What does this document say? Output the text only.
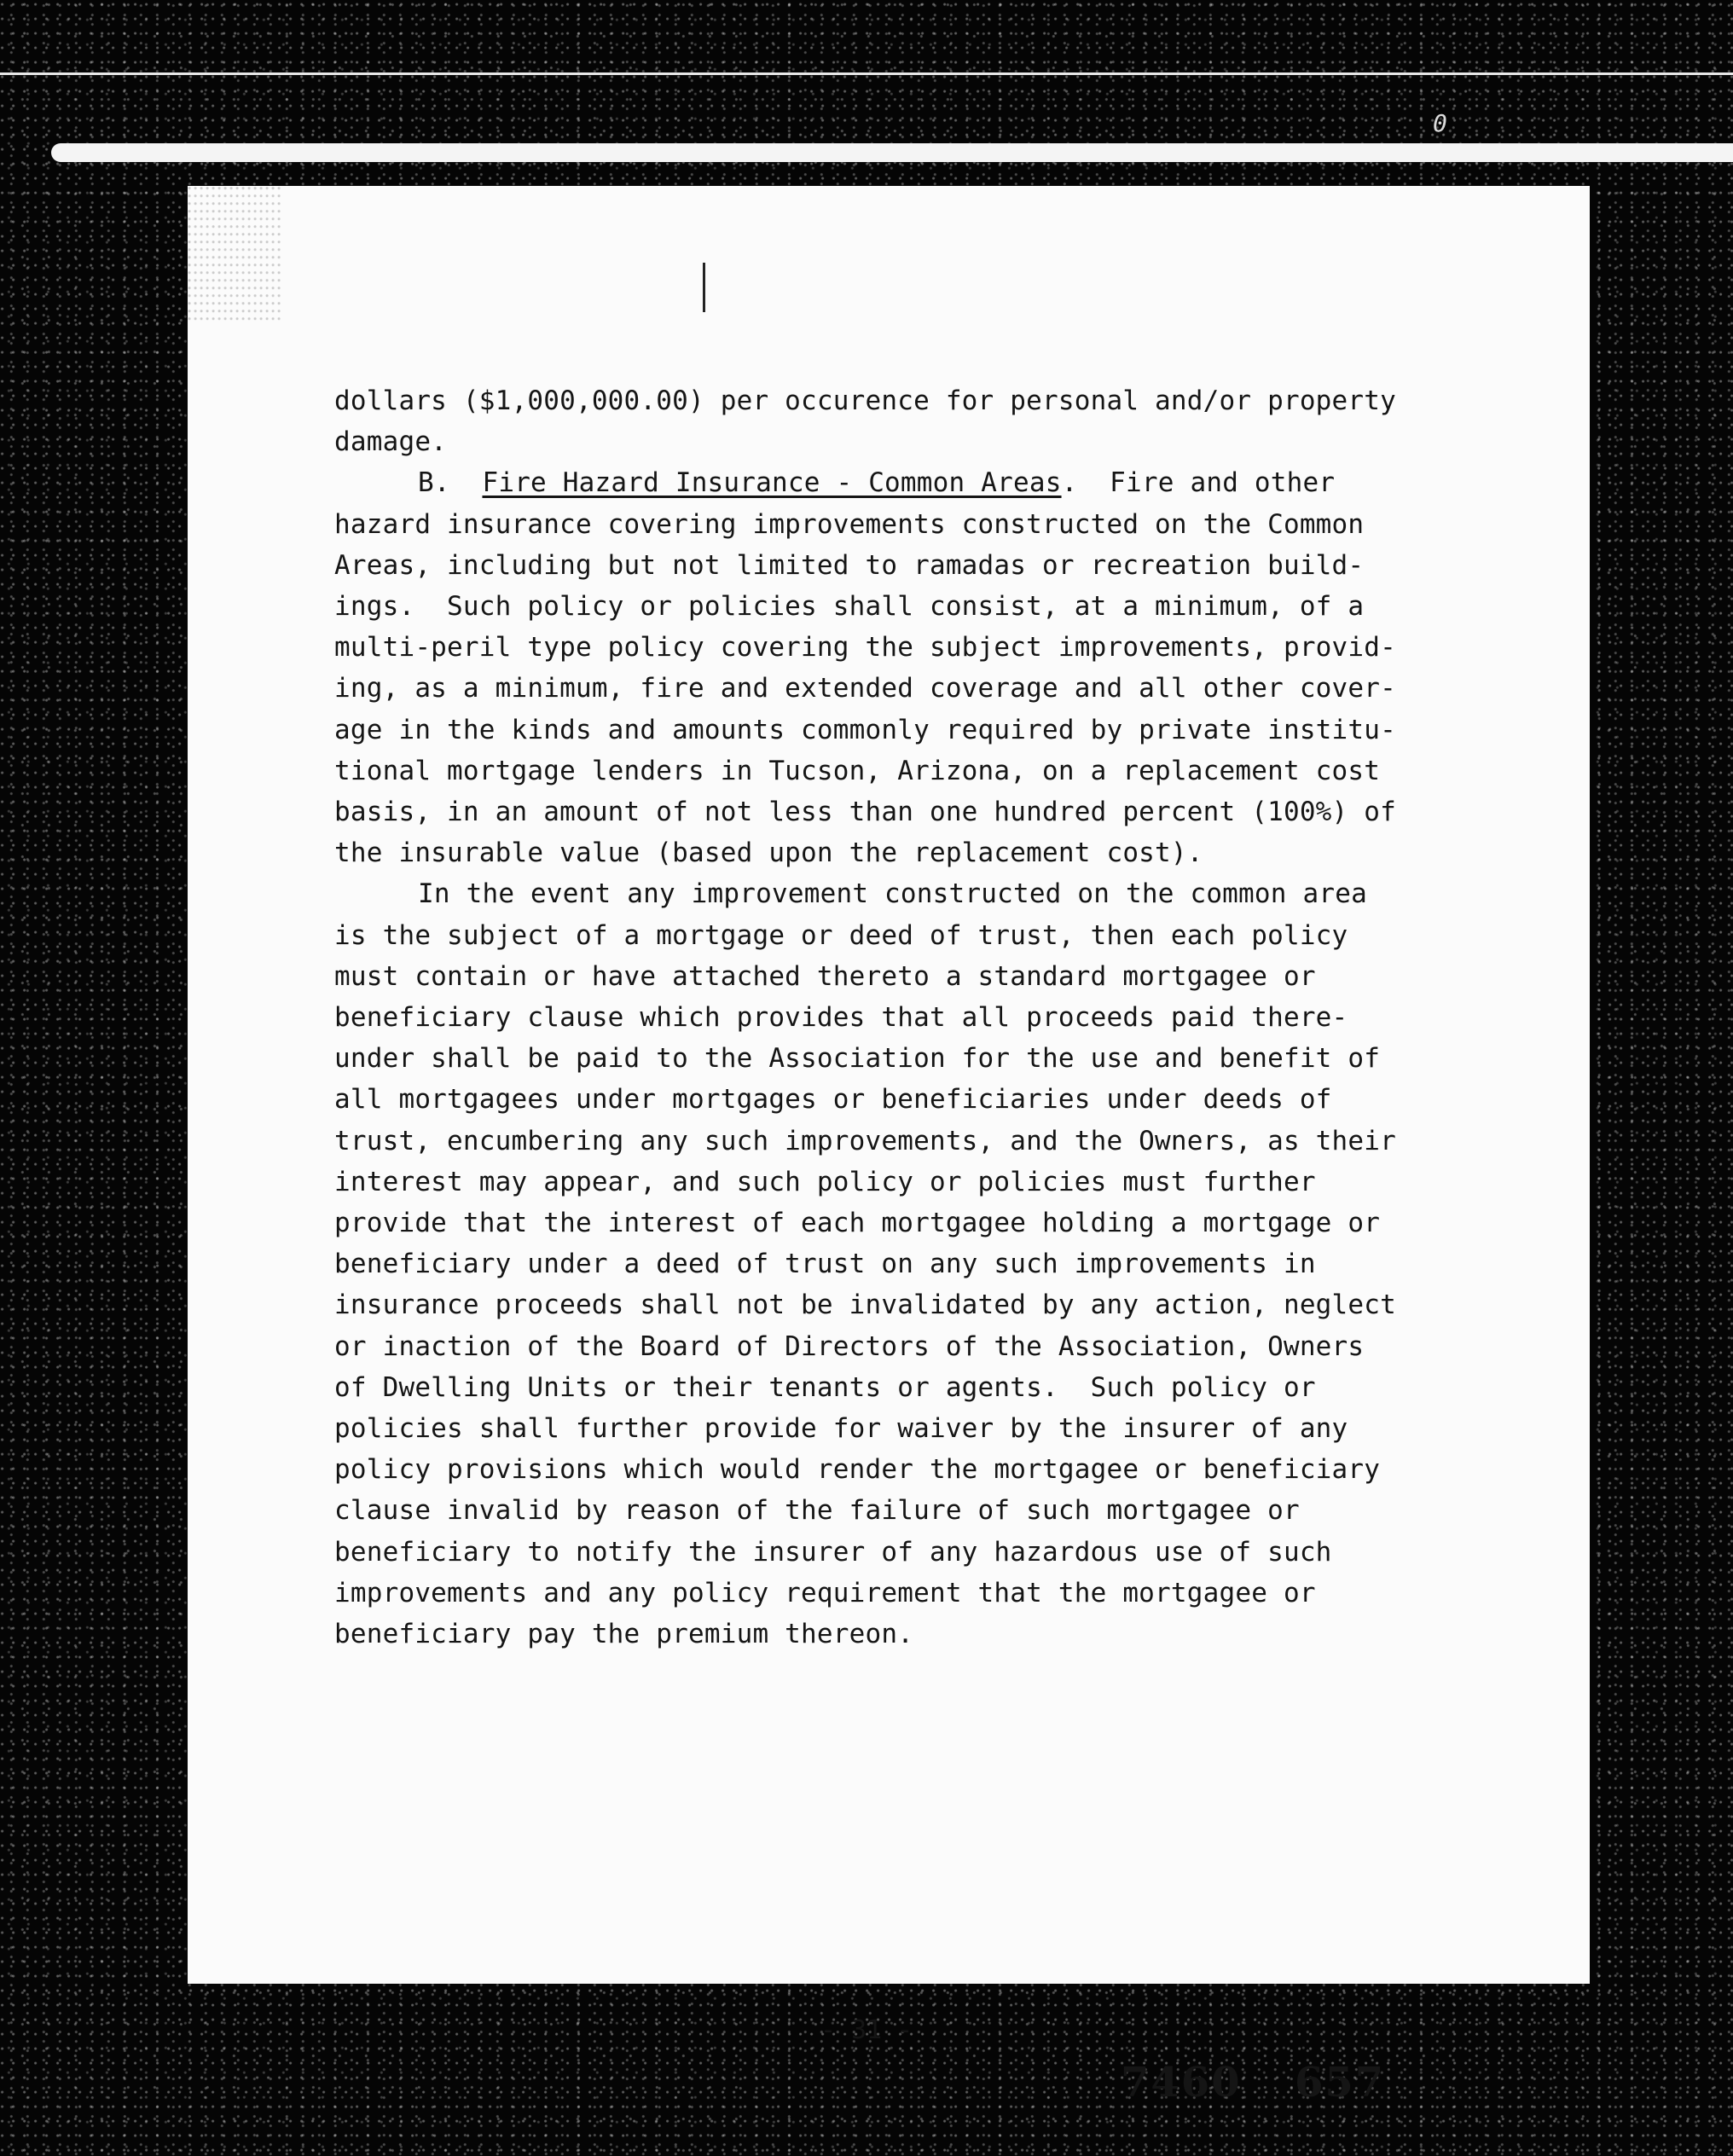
0
dollars ($1,000,000.00) per occurence for personal and/or property
damage.
B. Fire Hazard Insurance - Common Areas.  Fire and other
hazard insurance covering improvements constructed on the Common
Areas, including but not limited to ramadas or recreation build-
ings.  Such policy or policies shall consist, at a minimum, of a
multi-peril type policy covering the subject improvements, provid-
ing, as a minimum, fire and extended coverage and all other cover-
age in the kinds and amounts commonly required by private institu-
tional mortgage lenders in Tucson, Arizona, on a replacement cost
basis, in an amount of not less than one hundred percent (100%) of
the insurable value (based upon the replacement cost).
In the event any improvement constructed on the common area
is the subject of a mortgage or deed of trust, then each policy
must contain or have attached thereto a standard mortgagee or
beneficiary clause which provides that all proceeds paid there-
under shall be paid to the Association for the use and benefit of
all mortgagees under mortgages or beneficiaries under deeds of
trust, encumbering any such improvements, and the Owners, as their
interest may appear, and such policy or policies must further
provide that the interest of each mortgagee holding a mortgage or
beneficiary under a deed of trust on any such improvements in
insurance proceeds shall not be invalidated by any action, neglect
or inaction of the Board of Directors of the Association, Owners
of Dwelling Units or their tenants or agents.  Such policy or
policies shall further provide for waiver by the insurer of any
policy provisions which would render the mortgagee or beneficiary
clause invalid by reason of the failure of such mortgagee or
beneficiary to notify the insurer of any hazardous use of such
improvements and any policy requirement that the mortgagee or
beneficiary pay the premium thereon.
- 31 -
7460 657
